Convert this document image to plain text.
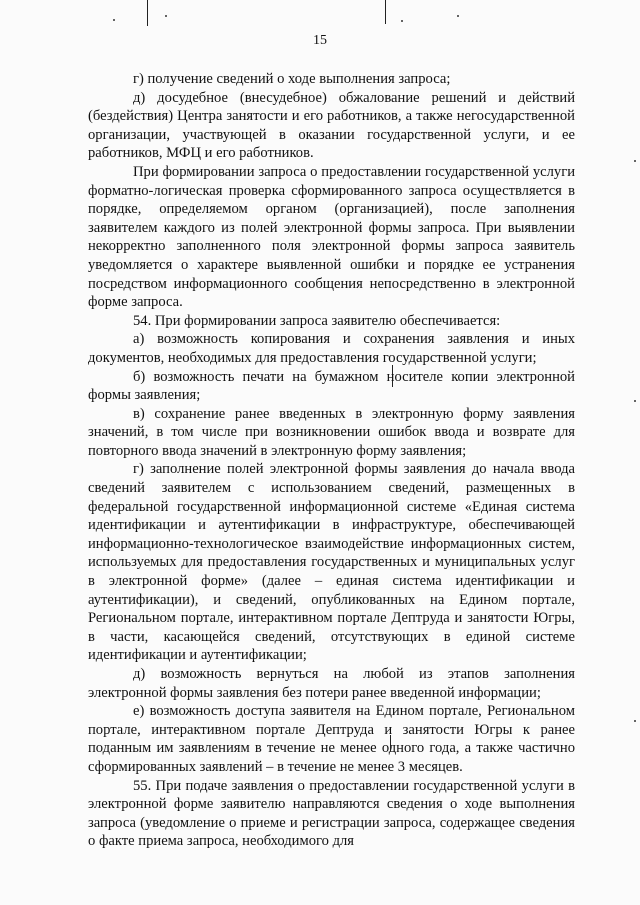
15

г) получение сведений о ходе выполнения запроса;

д) досудебное (внесудебное) обжалование решений и действий (бездействия) Центра занятости и его работников, а также негосударственной организации, участвующей в оказании государственной услуги, и ее работников, МФЦ и его работников.

При формировании запроса о предоставлении государственной услуги форматно-логическая проверка сформированного запроса осуществляется в порядке, определяемом органом (организацией), после заполнения заявителем каждого из полей электронной формы запроса. При выявлении некорректно заполненного поля электронной формы запроса заявитель уведомляется о характере выявленной ошибки и порядке ее устранения посредством информационного сообщения непосредственно в электронной форме запроса.

54. При формировании запроса заявителю обеспечивается:

а) возможность копирования и сохранения заявления и иных документов, необходимых для предоставления государственной услуги;

б) возможность печати на бумажном носителе копии электронной формы заявления;

в) сохранение ранее введенных в электронную форму заявления значений, в том числе при возникновении ошибок ввода и возврате для повторного ввода значений в электронную форму заявления;

г) заполнение полей электронной формы заявления до начала ввода сведений заявителем с использованием сведений, размещенных в федеральной государственной информационной системе «Единая система идентификации и аутентификации в инфраструктуре, обеспечивающей информационно-технологическое взаимодействие информационных систем, используемых для предоставления государственных и муниципальных услуг в электронной форме» (далее – единая система идентификации и аутентификации), и сведений, опубликованных на Едином портале, Региональном портале, интерактивном портале Дептруда и занятости Югры, в части, касающейся сведений, отсутствующих в единой системе идентификации и аутентификации;

д) возможность вернуться на любой из этапов заполнения электронной формы заявления без потери ранее введенной информации;

е) возможность доступа заявителя на Едином портале, Региональном портале, интерактивном портале Дептруда и занятости Югры к ранее поданным им заявлениям в течение не менее одного года, а также частично сформированных заявлений – в течение не менее 3 месяцев.

55. При подаче заявления о предоставлении государственной услуги в электронной форме заявителю направляются сведения о ходе выполнения запроса (уведомление о приеме и регистрации запроса, содержащее сведения о факте приема запроса, необходимого для
